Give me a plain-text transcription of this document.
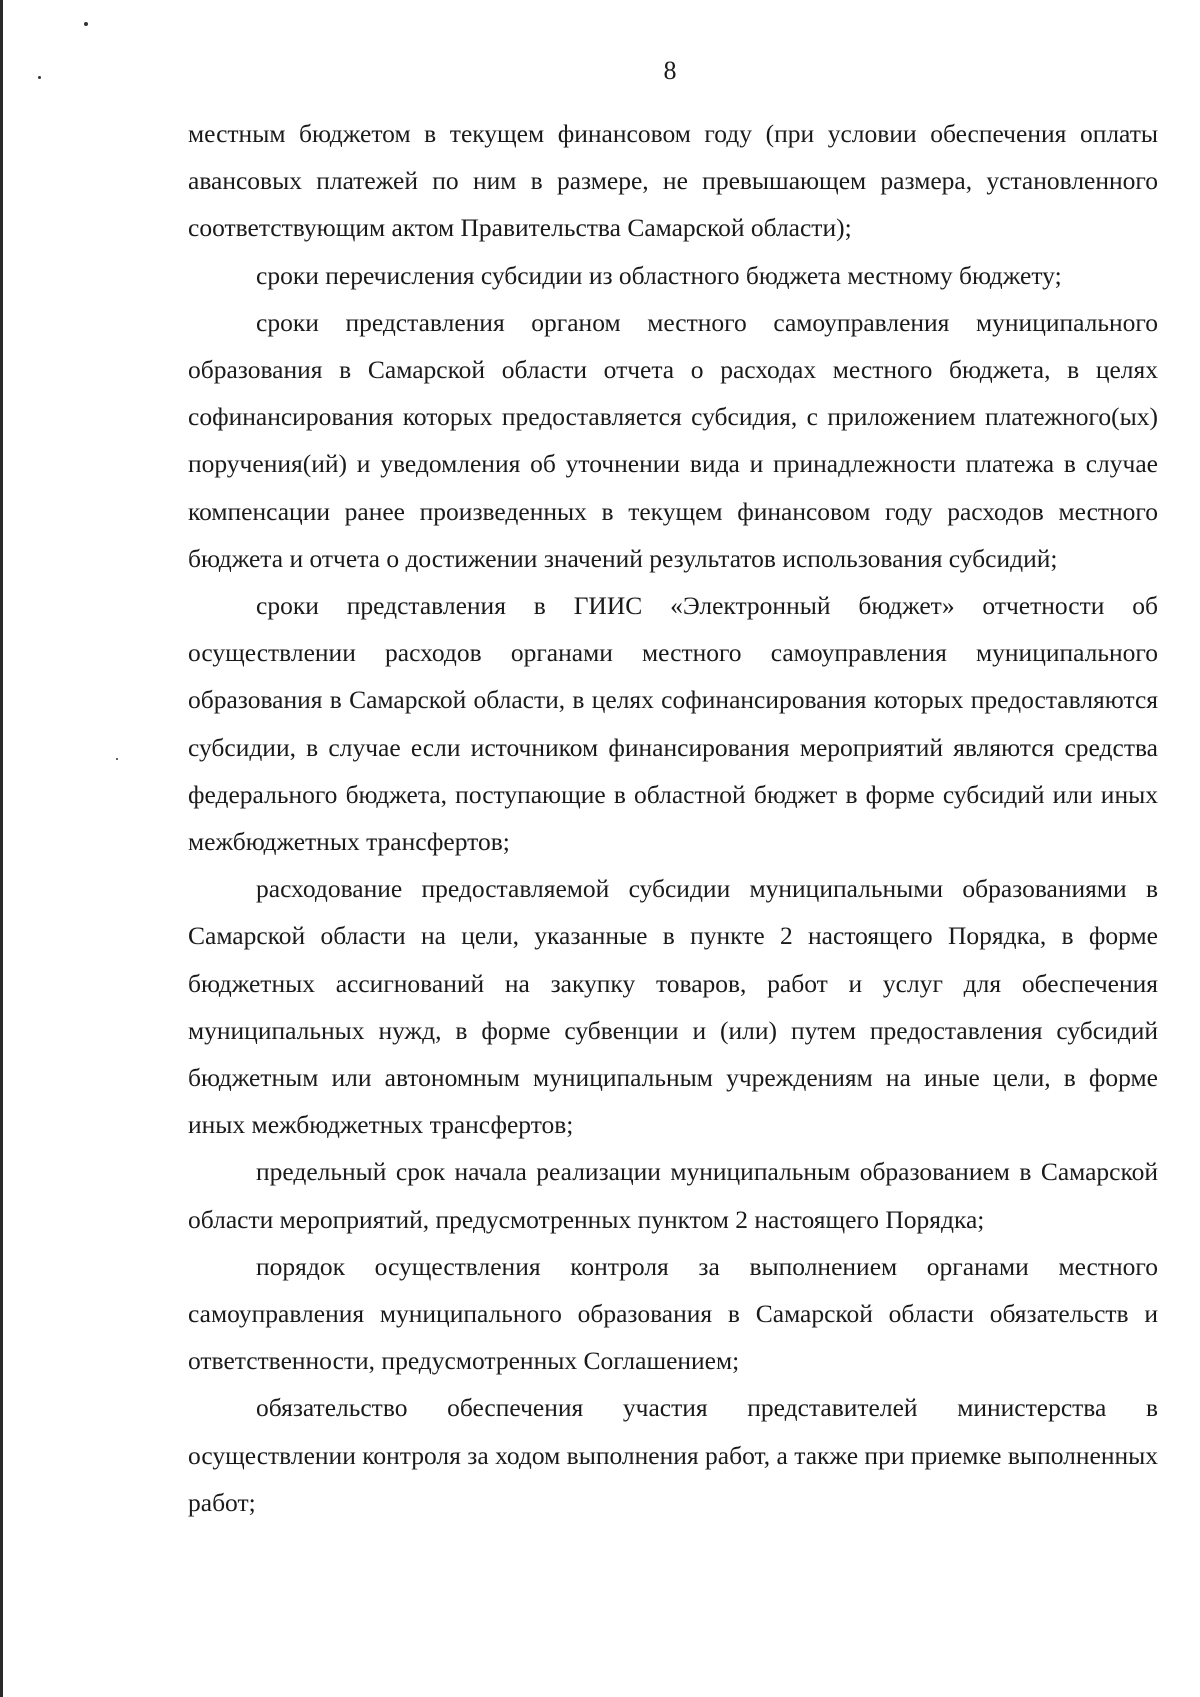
8

местным бюджетом в текущем финансовом году (при условии обеспечения оплаты авансовых платежей по ним в размере, не превышающем размера, установленного соответствующим актом Правительства Самарской области);

сроки перечисления субсидии из областного бюджета местному бюджету;

сроки представления органом местного самоуправления муниципального образования в Самарской области отчета о расходах местного бюджета, в целях софинансирования которых предоставляется субсидия, с приложением платежного(ых) поручения(ий) и уведомления об уточнении вида и принадлежности платежа в случае компенсации ранее произведенных в текущем финансовом году расходов местного бюджета и отчета о достижении значений результатов использования субсидий;

сроки представления в ГИИС «Электронный бюджет» отчетности об осуществлении расходов органами местного самоуправления муниципального образования в Самарской области, в целях софинансирования которых предоставляются субсидии, в случае если источником финансирования мероприятий являются средства федерального бюджета, поступающие в областной бюджет в форме субсидий или иных межбюджетных трансфертов;

расходование предоставляемой субсидии муниципальными образованиями в Самарской области на цели, указанные в пункте 2 настоящего Порядка, в форме бюджетных ассигнований на закупку товаров, работ и услуг для обеспечения муниципальных нужд, в форме субвенции и (или) путем предоставления субсидий бюджетным или автономным муниципальным учреждениям на иные цели, в форме иных межбюджетных трансфертов;

предельный срок начала реализации муниципальным образованием в Самарской области мероприятий, предусмотренных пунктом 2 настоящего Порядка;

порядок осуществления контроля за выполнением органами местного самоуправления муниципального образования в Самарской области обязательств и ответственности, предусмотренных Соглашением;

обязательство обеспечения участия представителей министерства в осуществлении контроля за ходом выполнения работ, а также при приемке выполненных работ;
